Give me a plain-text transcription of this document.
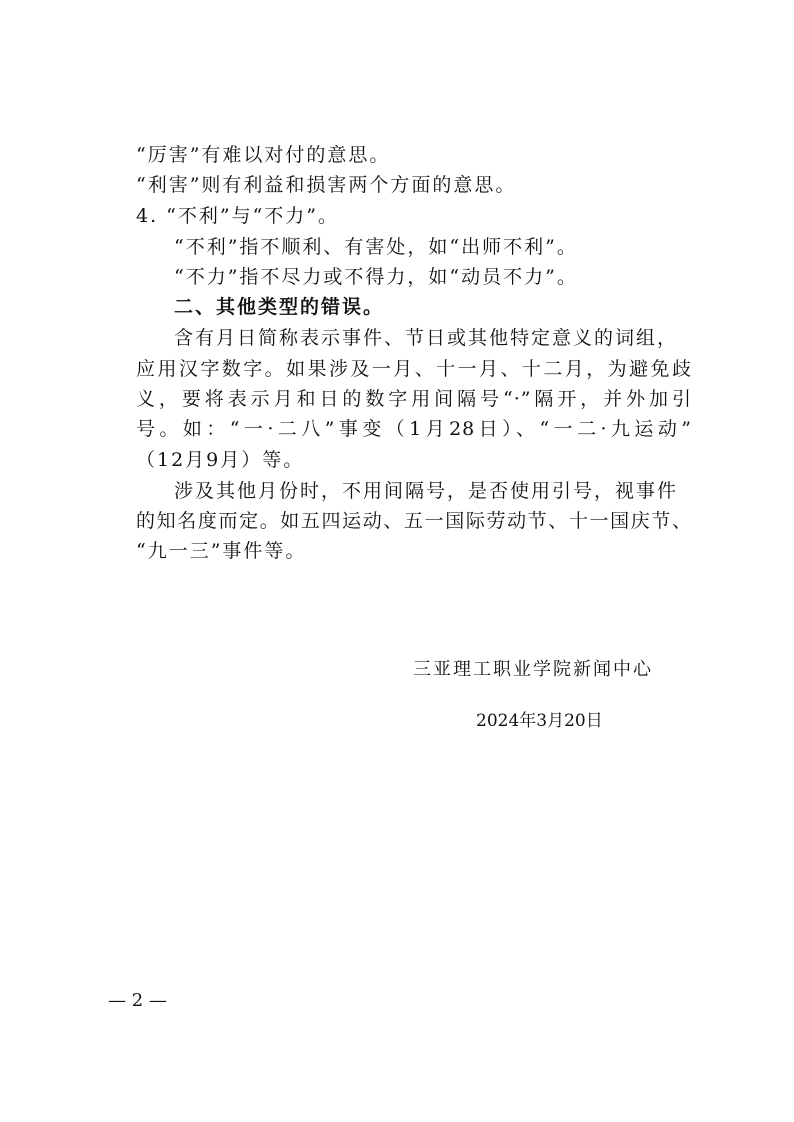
“厉害”有难以对付的意思。
“利害”则有利益和损害两个方面的意思。
4. “不利”与“不力”。
“不利”指不顺利、有害处，如“出师不利”。
“不力”指不尽力或不得力，如“动员不力”。
二、其他类型的错误。
含有月日简称表示事件、节日或其他特定意义的词组，
应用汉字数字。如果涉及一月、十一月、十二月，为避免歧
义，要将表示月和日的数字用间隔号“·”隔开，并外加引
号。如：“一·二八”事变（1月28日）、“一二·九运动”
（12月9月）等。
涉及其他月份时，不用间隔号，是否使用引号，视事件
的知名度而定。如五四运动、五一国际劳动节、十一国庆节、
“九一三”事件等。
三亚理工职业学院新闻中心
2024年3月20日
— 2 —
